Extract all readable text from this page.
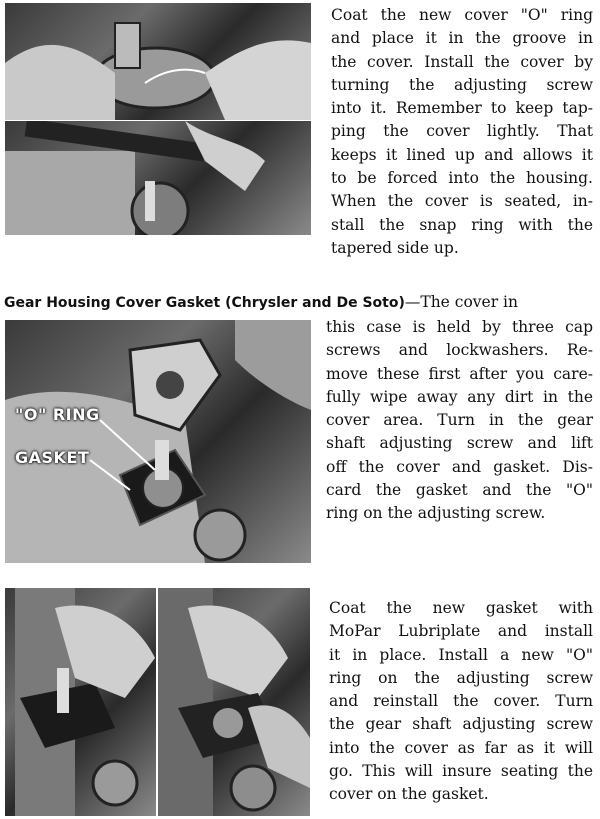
Coat the new cover "O" ring
and place it in the groove in
the cover. Install the cover by
turning the adjusting screw
into it. Remember to keep tap-
ping the cover lightly. That
keeps it lined up and allows it
to be forced into the housing.
When the cover is seated, in-
stall the snap ring with the
tapered side up.

Gear Housing Cover Gasket (Chrysler and De Soto)—The cover in

"O" RING
GASKET

this case is held by three cap
screws and lockwashers. Re-
move these first after you care-
fully wipe away any dirt in the
cover area. Turn in the gear
shaft adjusting screw and lift
off the cover and gasket. Dis-
card the gasket and the "O"
ring on the adjusting screw.

Coat the new gasket with
MoPar Lubriplate and install
it in place. Install a new "O"
ring on the adjusting screw
and reinstall the cover. Turn
the gear shaft adjusting screw
into the cover as far as it will
go. This will insure seating the
cover on the gasket.
